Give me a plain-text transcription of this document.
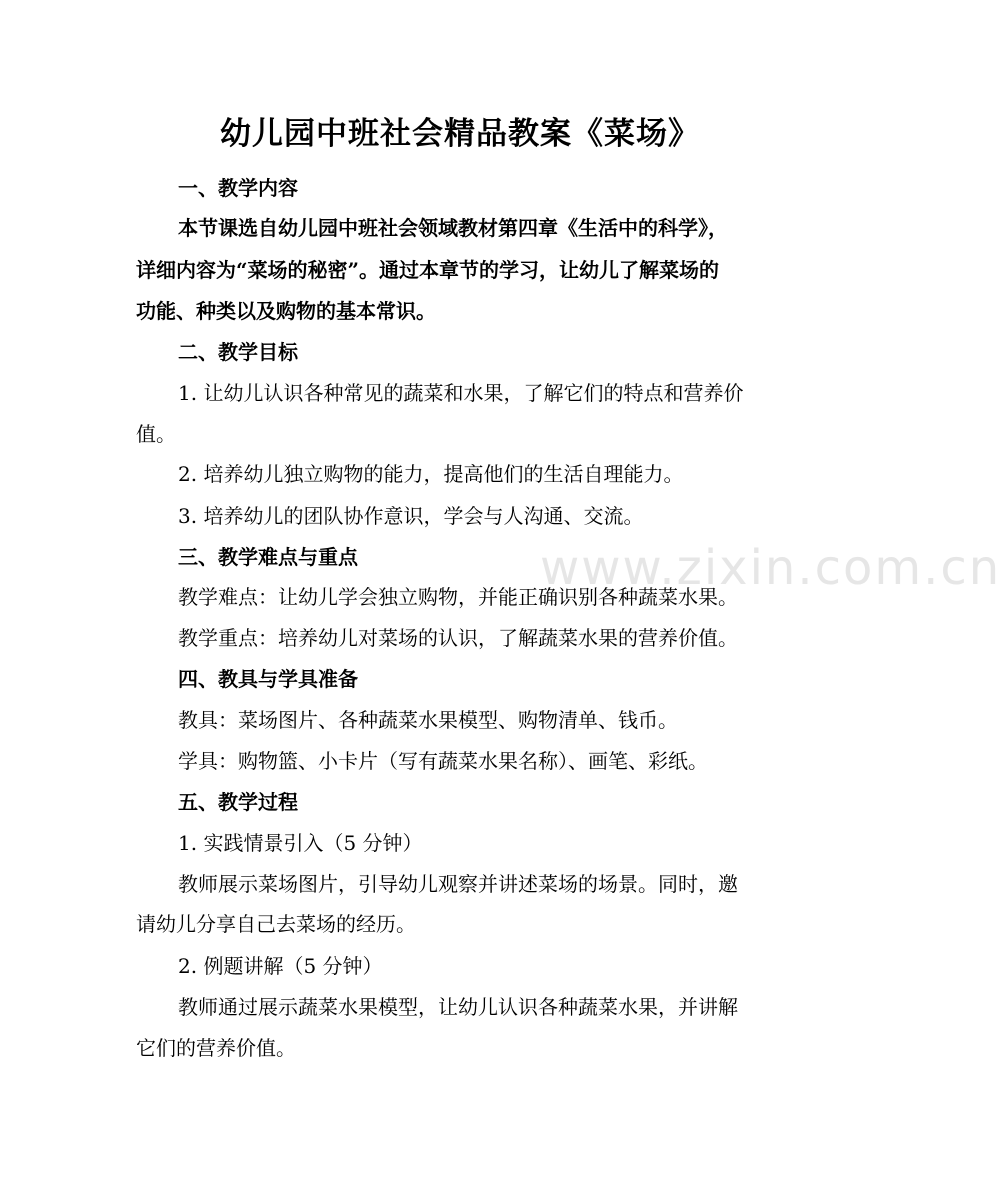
www.zixin.com.cn
幼儿园中班社会精品教案《菜场》
一、教学内容
本节课选自幼儿园中班社会领域教材第四章《生活中的科学》，
详细内容为“菜场的秘密”。通过本章节的学习，让幼儿了解菜场的
功能、种类以及购物的基本常识。
二、教学目标
1. 让幼儿认识各种常见的蔬菜和水果，了解它们的特点和营养价
值。
2. 培养幼儿独立购物的能力，提高他们的生活自理能力。
3. 培养幼儿的团队协作意识，学会与人沟通、交流。
三、教学难点与重点
教学难点：让幼儿学会独立购物，并能正确识别各种蔬菜水果。
教学重点：培养幼儿对菜场的认识，了解蔬菜水果的营养价值。
四、教具与学具准备
教具：菜场图片、各种蔬菜水果模型、购物清单、钱币。
学具：购物篮、小卡片（写有蔬菜水果名称）、画笔、彩纸。
五、教学过程
1. 实践情景引入（5 分钟）
教师展示菜场图片，引导幼儿观察并讲述菜场的场景。同时，邀
请幼儿分享自己去菜场的经历。
2. 例题讲解（5 分钟）
教师通过展示蔬菜水果模型，让幼儿认识各种蔬菜水果，并讲解
它们的营养价值。
